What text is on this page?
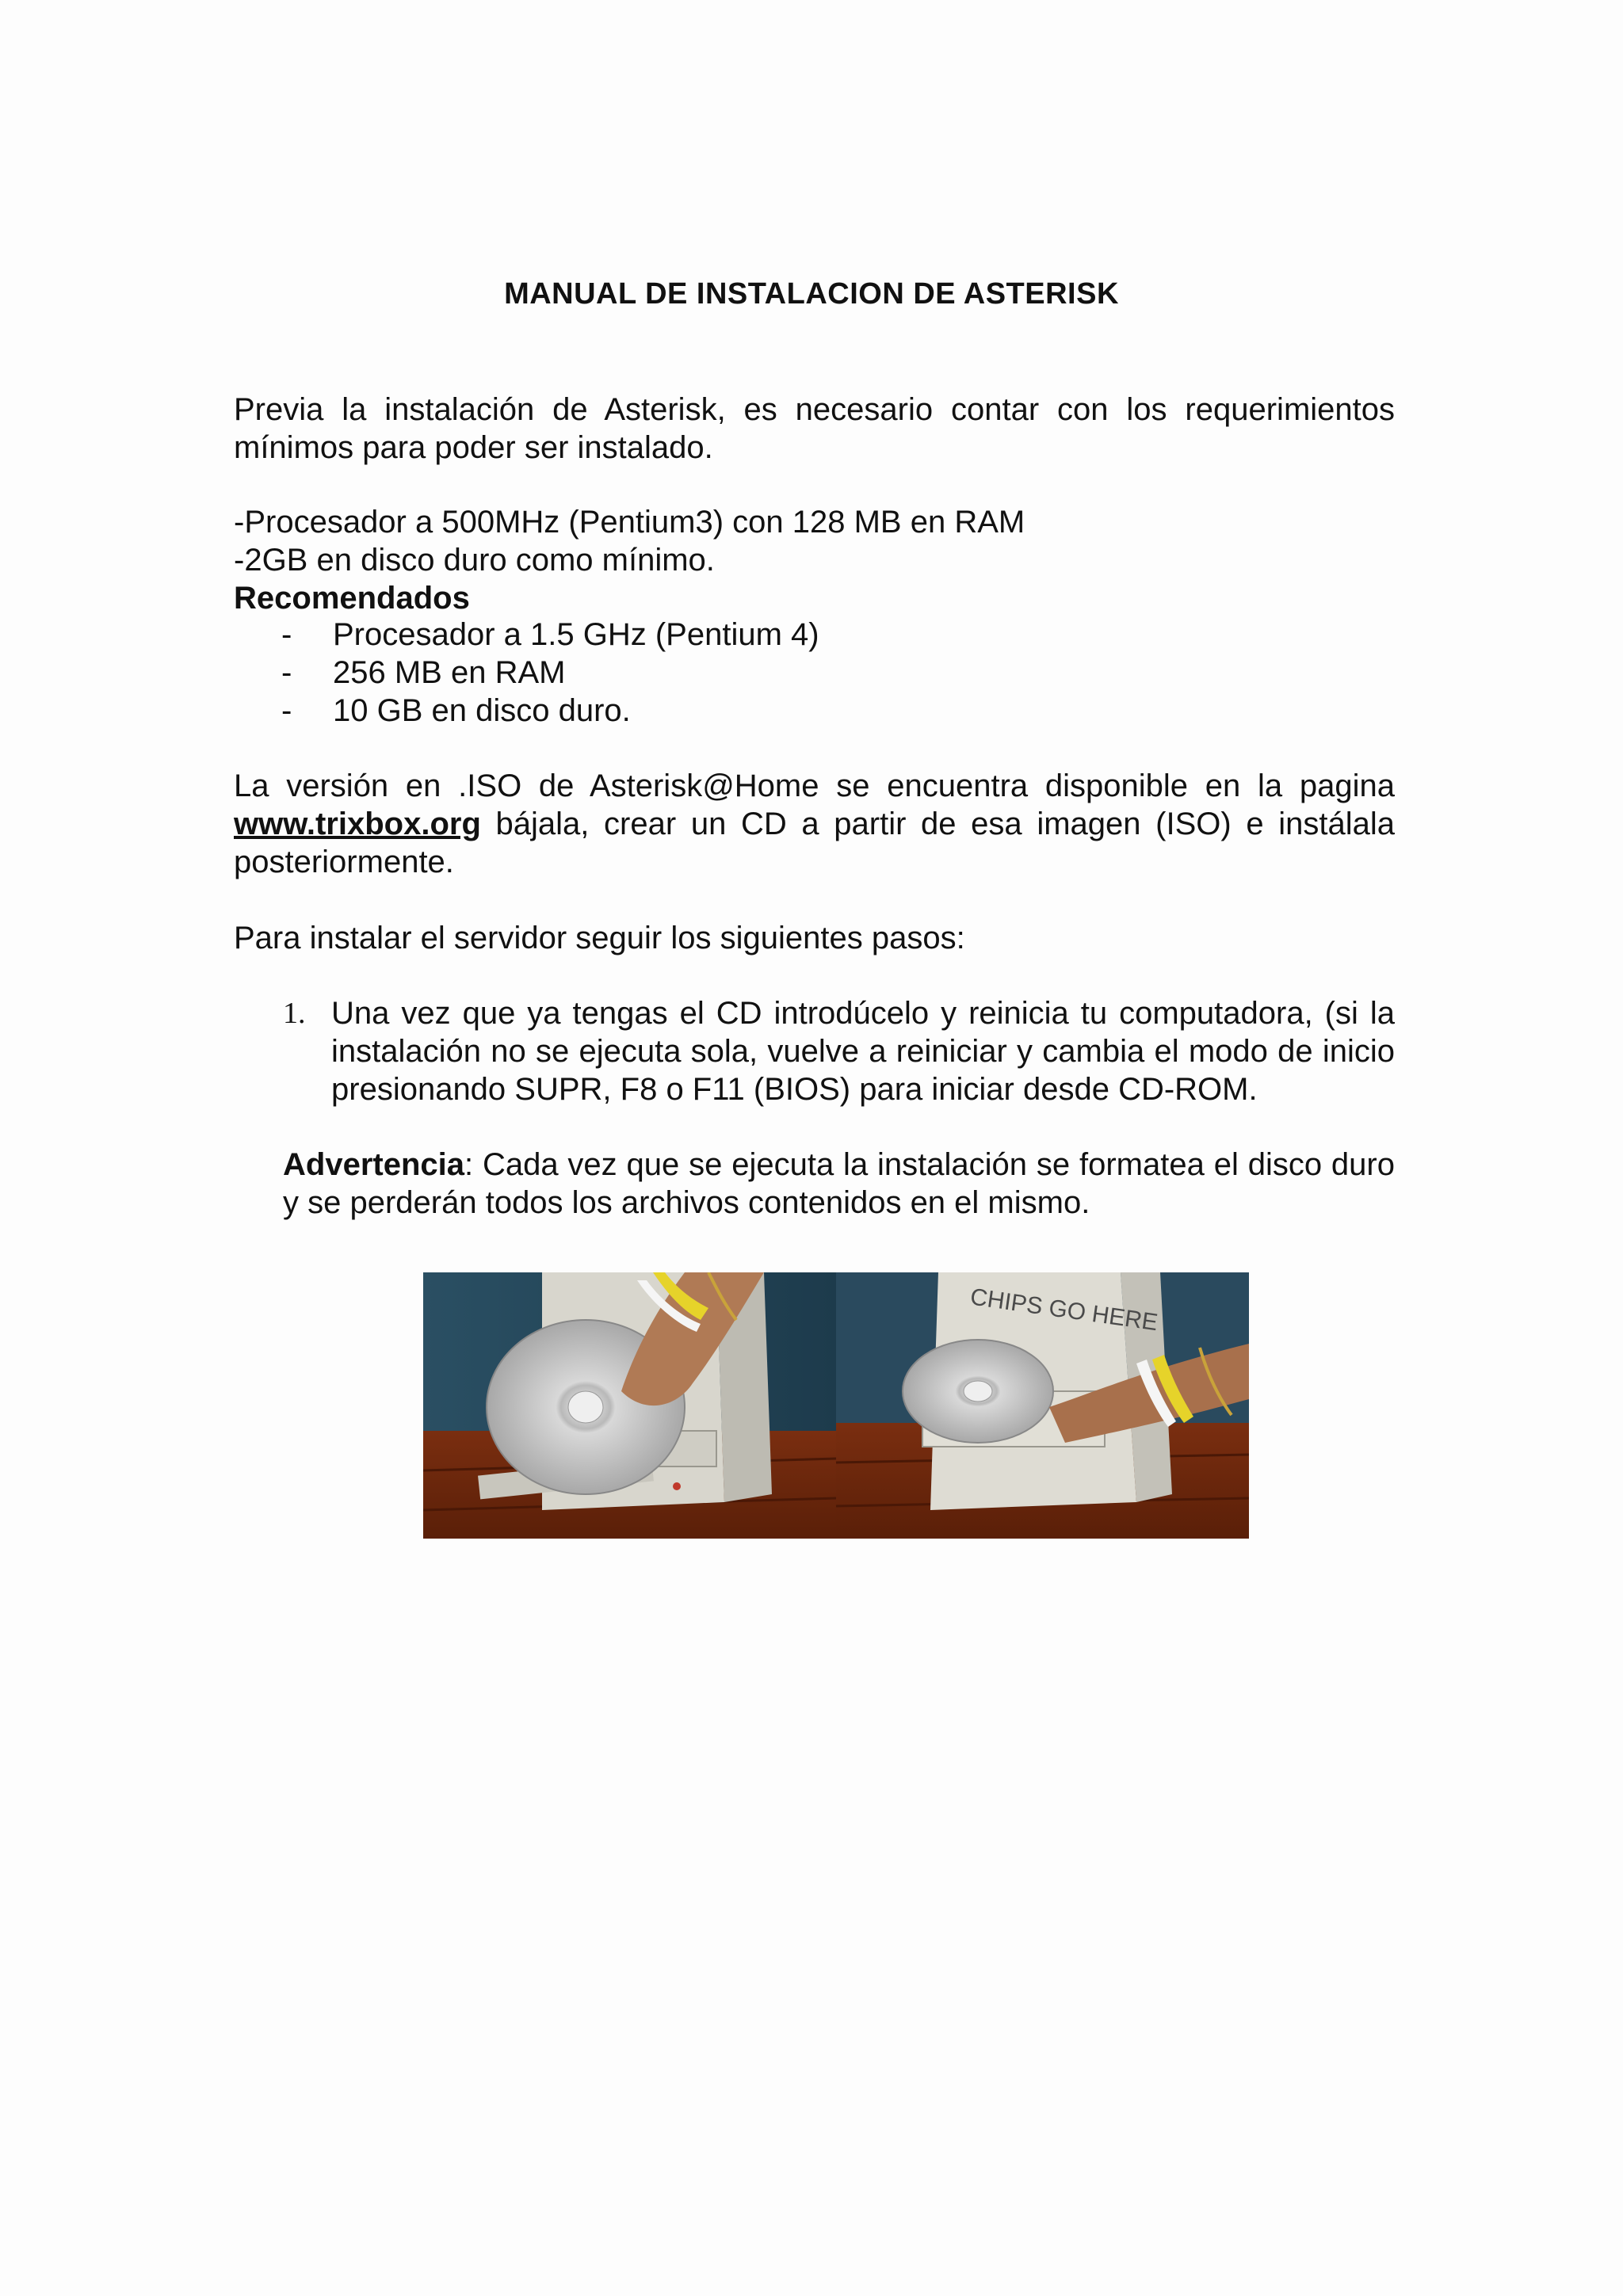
MANUAL DE INSTALACION DE ASTERISK
Previa la instalación de Asterisk, es necesario contar con los requerimientos mínimos para poder ser instalado.
-Procesador a 500MHz (Pentium3) con 128 MB en RAM
-2GB en disco duro como mínimo.
Recomendados
-	Procesador a 1.5 GHz (Pentium 4)
-	256 MB en RAM
-	10 GB en disco duro.
La versión en .ISO de Asterisk@Home se encuentra disponible en la pagina www.trixbox.org bájala, crear un CD a partir de esa imagen (ISO) e instálala posteriormente.
Para instalar el servidor seguir los siguientes pasos:
1. Una vez que ya tengas el CD introdúcelo y reinicia tu computadora, (si la instalación no se ejecuta sola, vuelve a reiniciar y cambia el modo de inicio presionando SUPR, F8 o F11 (BIOS) para iniciar desde CD-ROM.
Advertencia: Cada vez que se ejecuta la instalación se formatea el disco duro y se perderán todos los archivos contenidos en el mismo.
CHIPS GO HERE
